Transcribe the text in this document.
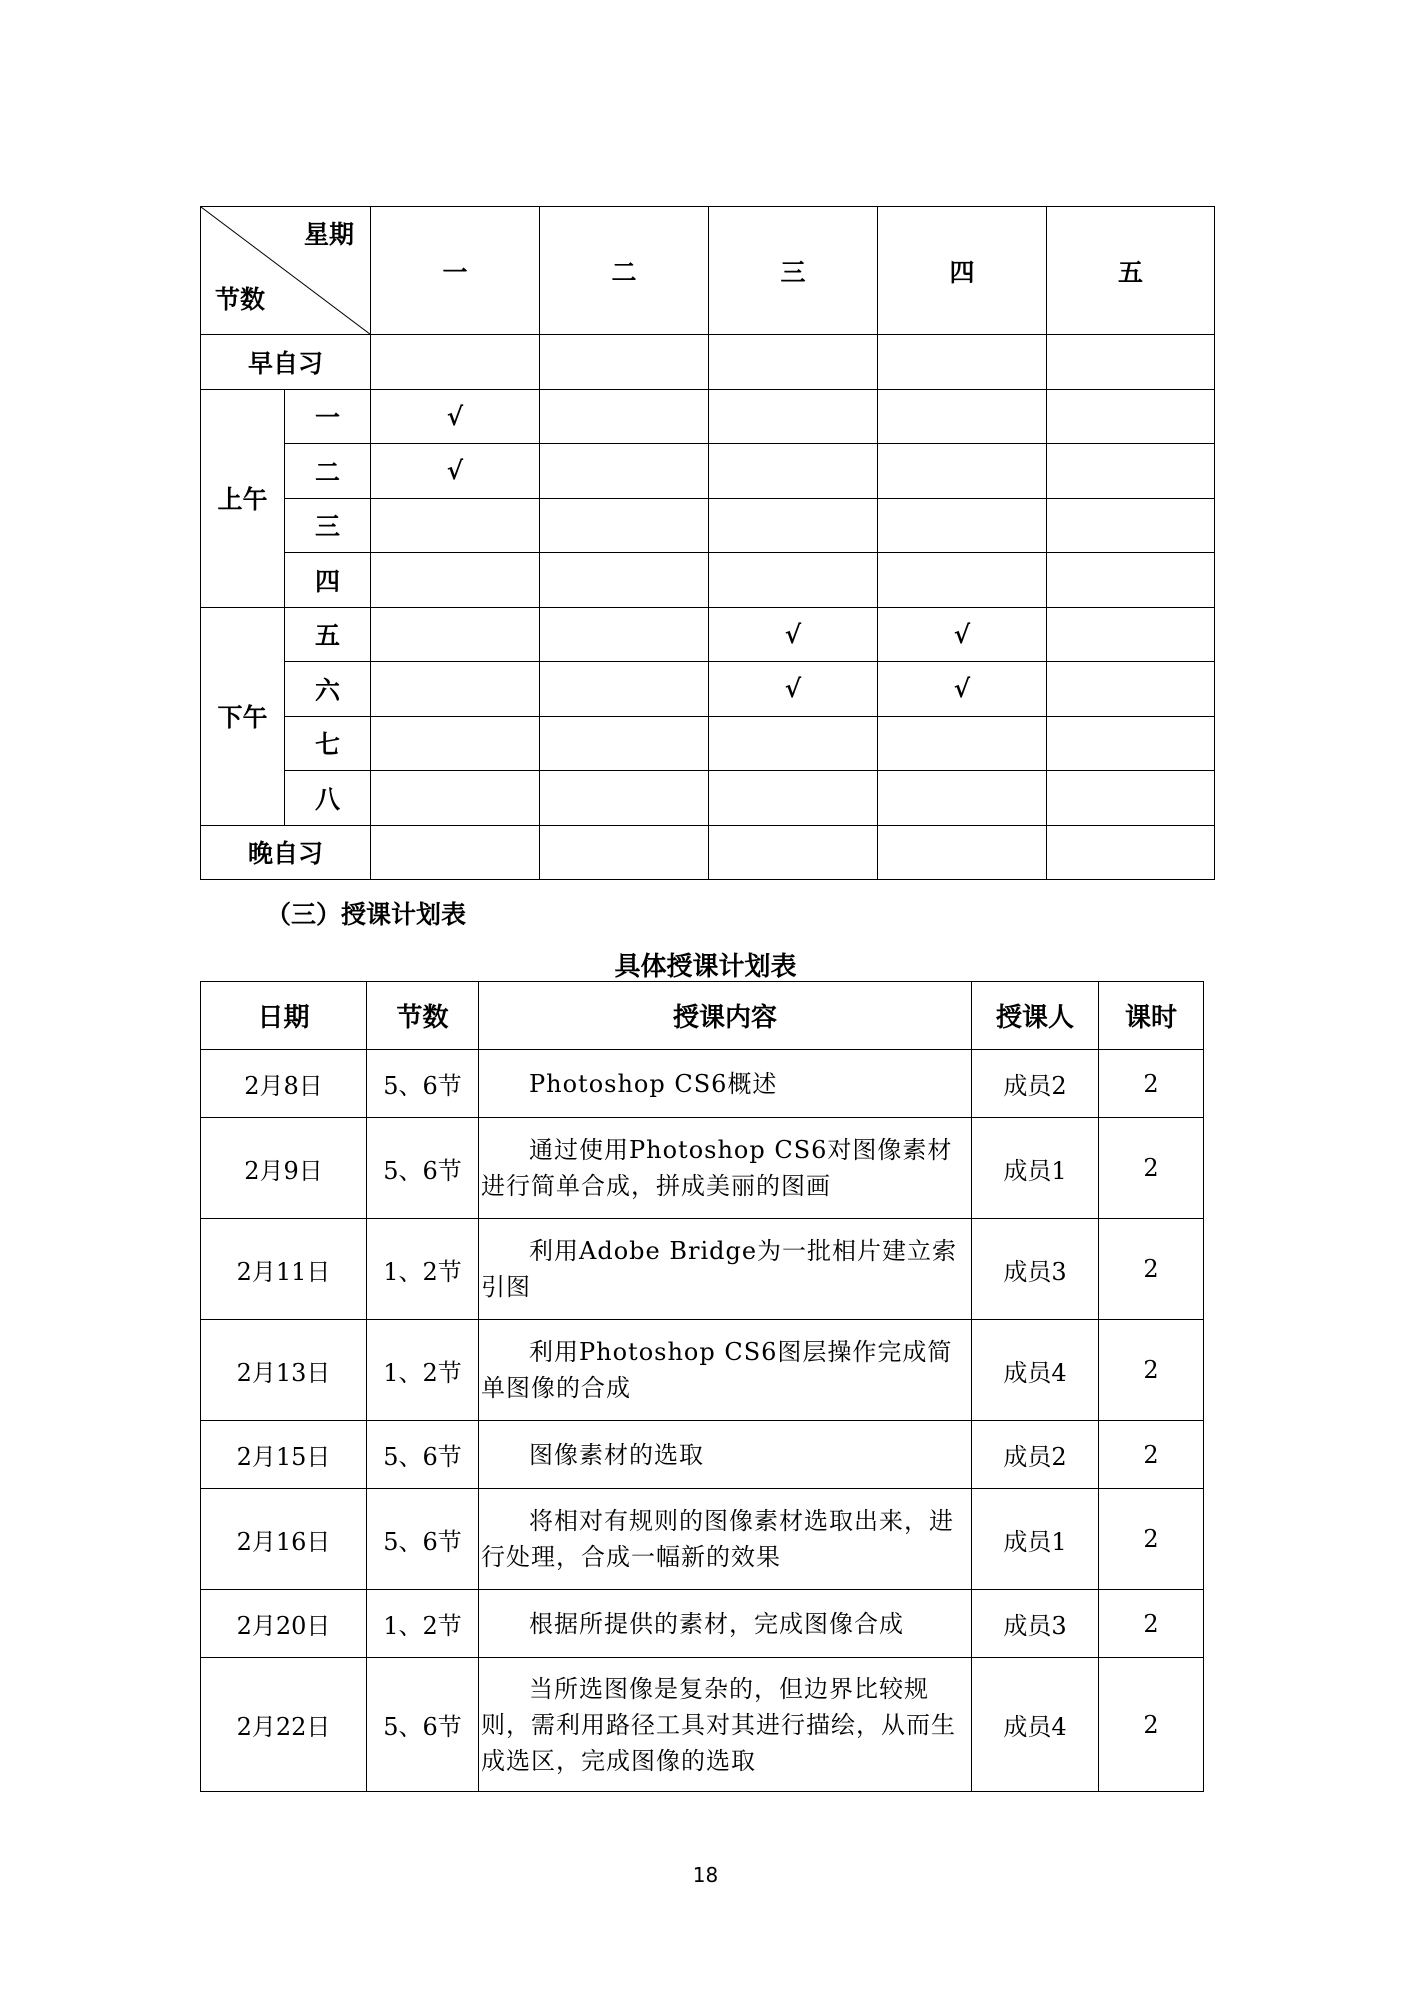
星期
节数		一	二	三	四	五
早自习						
上午	一	√				
	二	√				
	三					
	四					
下午	五			√	√	
	六			√	√	
	七					
	八					
晚自习						
（三）授课计划表
具体授课计划表
日期	节数	授课内容	授课人	课时
2月8日	5、6节	Photoshop CS6概述	成员2	2
2月9日	5、6节	通过使用Photoshop CS6对图像素材进行简单合成，拼成美丽的图画	成员1	2
2月11日	1、2节	利用Adobe Bridge为一批相片建立索引图	成员3	2
2月13日	1、2节	利用Photoshop CS6图层操作完成简单图像的合成	成员4	2
2月15日	5、6节	图像素材的选取	成员2	2
2月16日	5、6节	将相对有规则的图像素材选取出来，进行处理，合成一幅新的效果	成员1	2
2月20日	1、2节	根据所提供的素材，完成图像合成	成员3	2
2月22日	5、6节	当所选图像是复杂的，但边界比较规则，需利用路径工具对其进行描绘，从而生成选区，完成图像的选取	成员4	2
18
